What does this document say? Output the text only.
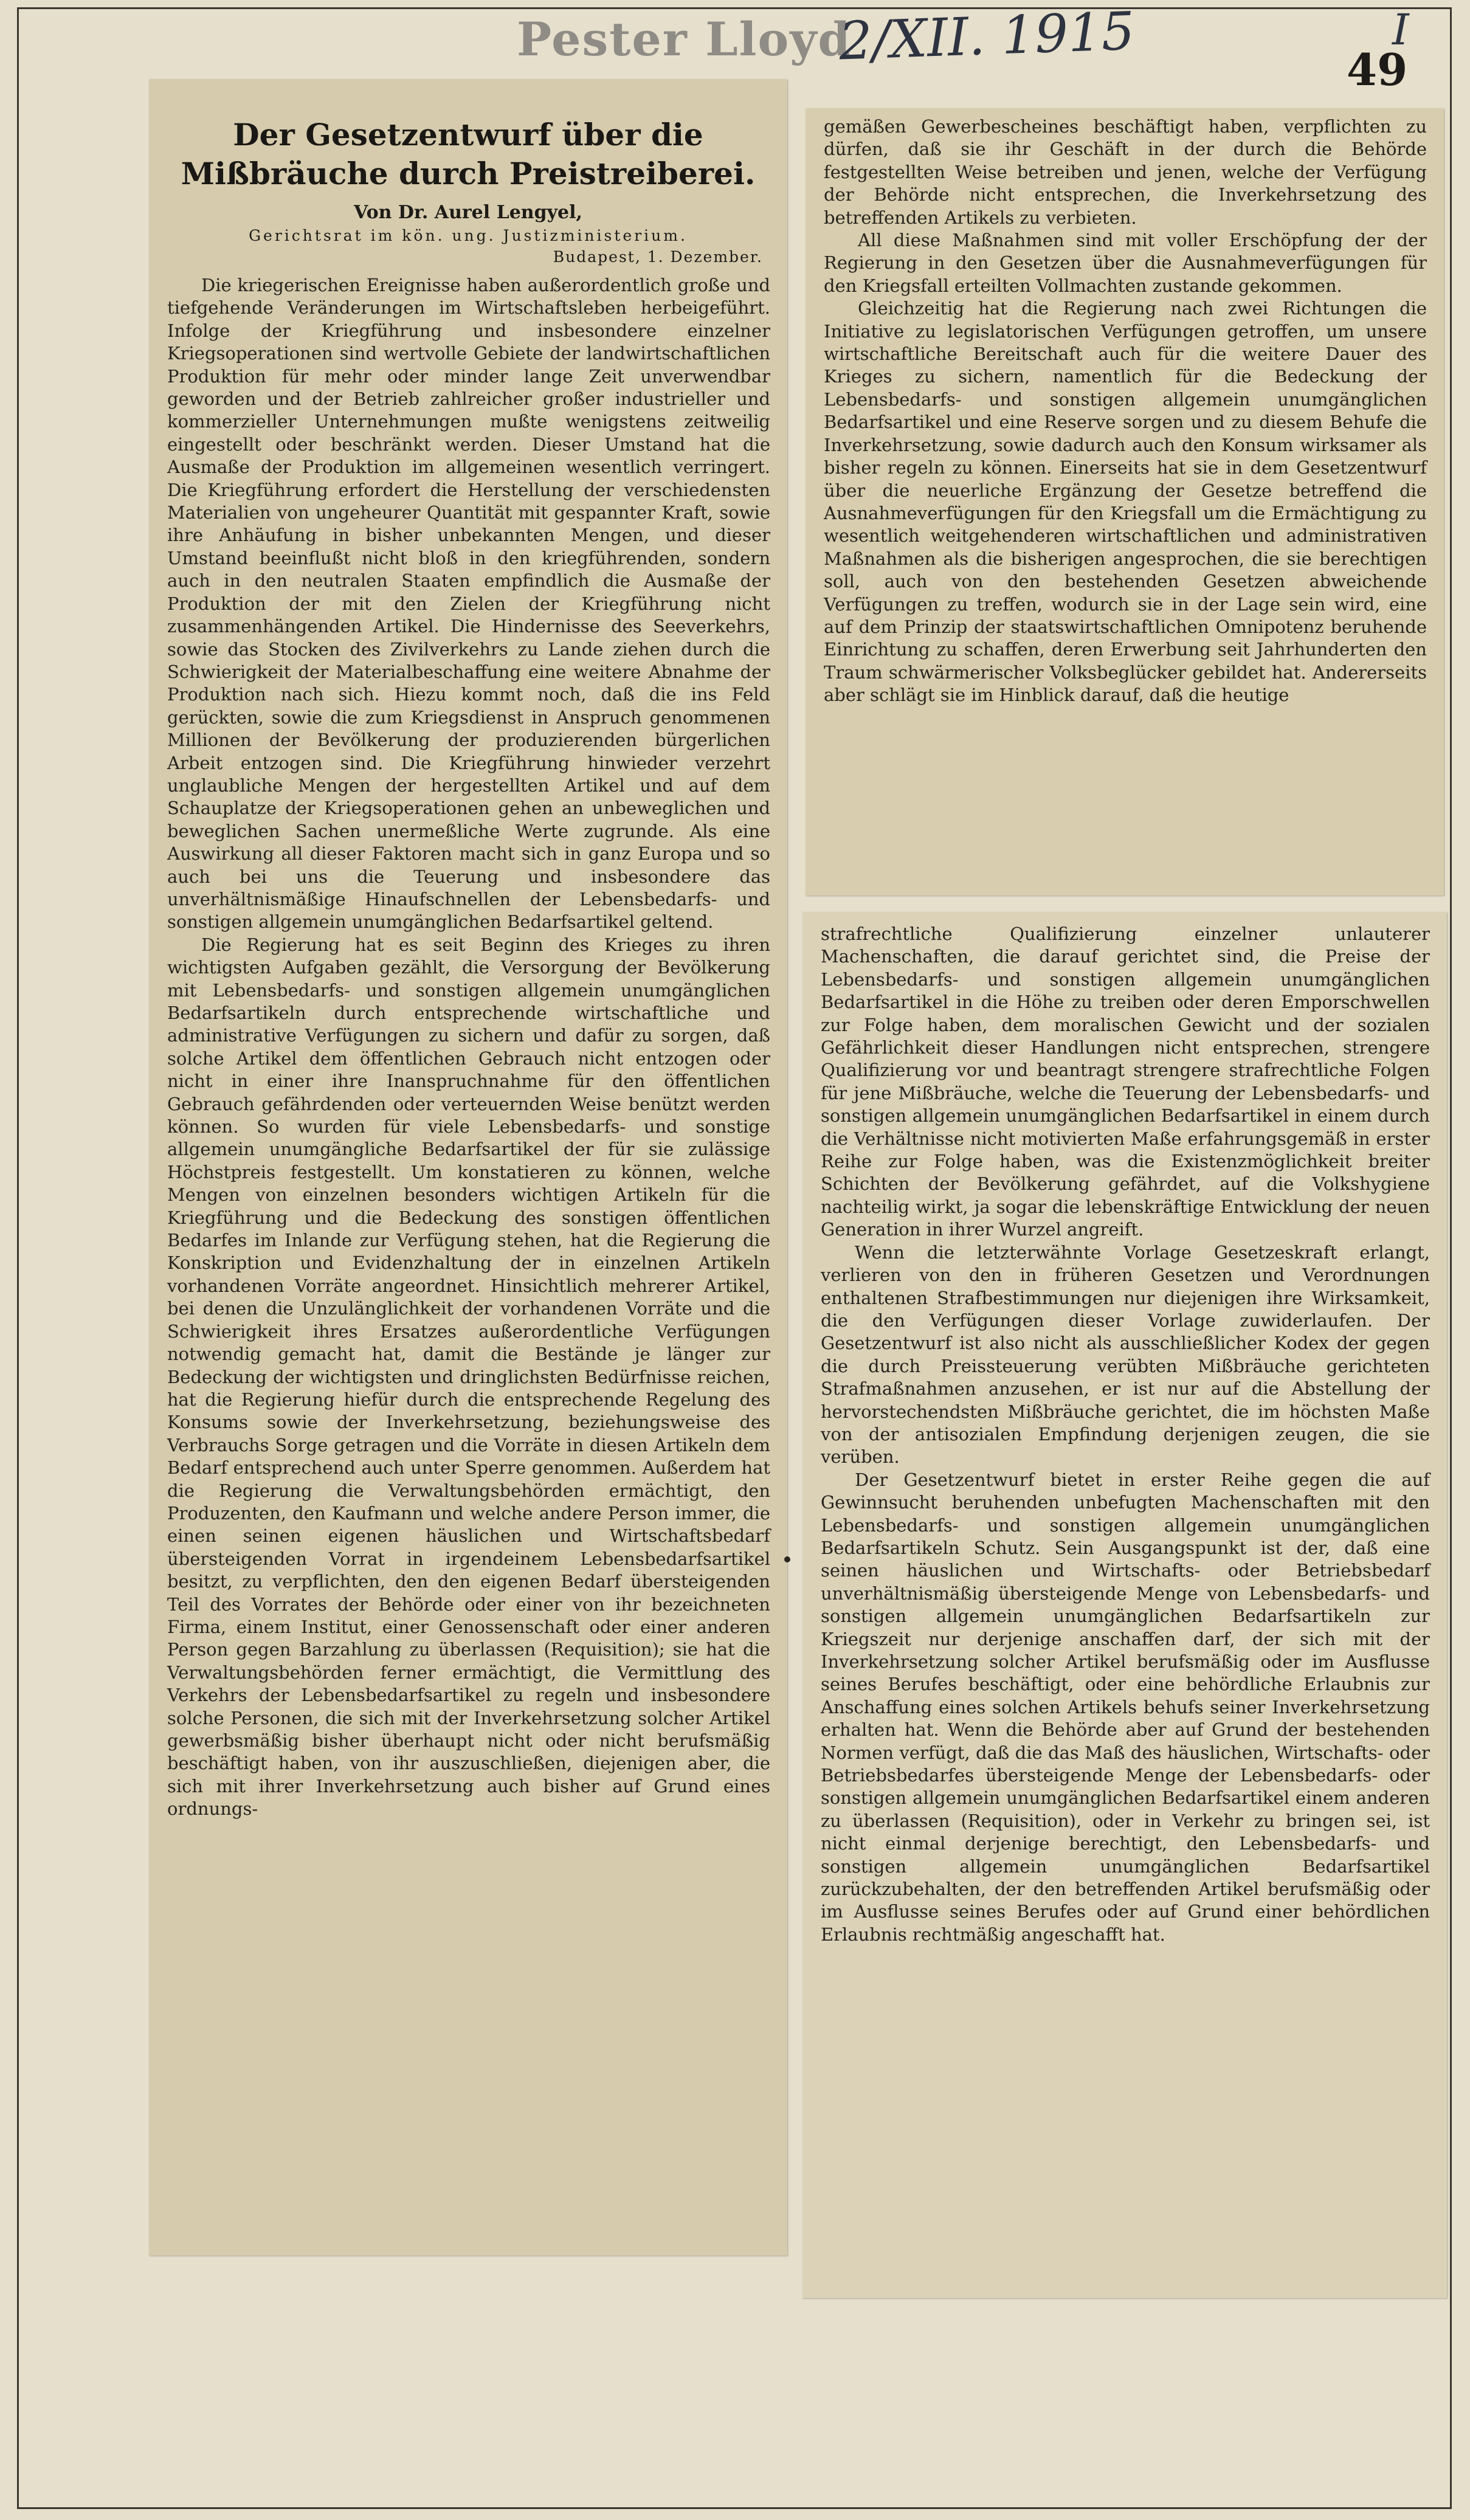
Pester Lloyd
2/XII. 1915	I
49
Der Gesetzentwurf über die Mißbräuche durch Preistreiberei.
Von Dr. Aurel Lengyel,
Gerichtsrat im kön. ung. Justizministerium.
Budapest, 1. Dezember.

Die kriegerischen Ereignisse haben außerordentlich große und tiefgehende Veränderungen im Wirtschaftsleben herbeigeführt. Infolge der Kriegführung und insbesondere einzelner Kriegsoperationen sind wertvolle Gebiete der landwirtschaftlichen Produktion für mehr oder minder lange Zeit unverwendbar geworden und der Betrieb zahlreicher großer industrieller und kommerzieller Unternehmungen mußte wenigstens zeitweilig eingestellt oder beschränkt werden. Dieser Umstand hat die Ausmaße der Produktion im allgemeinen wesentlich verringert. Die Kriegführung erfordert die Herstellung der verschiedensten Materialien von ungeheurer Quantität mit gespannter Kraft, sowie ihre Anhäufung in bisher unbekannten Mengen, und dieser Umstand beeinflußt nicht bloß in den kriegführenden, sondern auch in den neutralen Staaten empfindlich die Ausmaße der Produktion der mit den Zielen der Kriegführung nicht zusammenhängenden Artikel. Die Hindernisse des Seeverkehrs, sowie das Stocken des Zivilverkehrs zu Lande ziehen durch die Schwierigkeit der Materialbeschaffung eine weitere Abnahme der Produktion nach sich. Hiezu kommt noch, daß die ins Feld gerückten, sowie die zum Kriegsdienst in Anspruch genommenen Millionen der Bevölkerung der produzierenden bürgerlichen Arbeit entzogen sind. Die Kriegführung hinwieder verzehrt unglaubliche Mengen der hergestellten Artikel und auf dem Schauplatze der Kriegsoperationen gehen an unbeweglichen und beweglichen Sachen unermeßliche Werte zugrunde. Als eine Auswirkung all dieser Faktoren macht sich in ganz Europa und so auch bei uns die Teuerung und insbesondere das unverhältnismäßige Hinaufschnellen der Lebensbedarfs- und sonstigen allgemein unumgänglichen Bedarfsartikel geltend.

Die Regierung hat es seit Beginn des Krieges zu ihren wichtigsten Aufgaben gezählt, die Versorgung der Bevölkerung mit Lebensbedarfs- und sonstigen allgemein unumgänglichen Bedarfsartikeln durch entsprechende wirtschaftliche und administrative Verfügungen zu sichern und dafür zu sorgen, daß solche Artikel dem öffentlichen Gebrauch nicht entzogen oder nicht in einer ihre Inanspruchnahme für den öffentlichen Gebrauch gefährdenden oder verteuernden Weise benützt werden können. So wurden für viele Lebensbedarfs- und sonstige allgemein unumgängliche Bedarfsartikel der für sie zulässige Höchstpreis festgestellt. Um konstatieren zu können, welche Mengen von einzelnen besonders wichtigen Artikeln für die Kriegführung und die Bedeckung des sonstigen öffentlichen Bedarfes im Inlande zur Verfügung stehen, hat die Regierung die Konskription und Evidenzhaltung der in einzelnen Artikeln vorhandenen Vorräte angeordnet. Hinsichtlich mehrerer Artikel, bei denen die Unzulänglichkeit der vorhandenen Vorräte und die Schwierigkeit ihres Ersatzes außerordentliche Verfügungen notwendig gemacht hat, damit die Bestände je länger zur Bedeckung der wichtigsten und dringlichsten Bedürfnisse reichen, hat die Regierung hiefür durch die entsprechende Regelung des Konsums sowie der Inverkehrsetzung, beziehungsweise des Verbrauchs Sorge getragen und die Vorräte in diesen Artikeln dem Bedarf entsprechend auch unter Sperre genommen. Außerdem hat die Regierung die Verwaltungsbehörden ermächtigt, den Produzenten, den Kaufmann und welche andere Person immer, die einen seinen eigenen häuslichen und Wirtschaftsbedarf übersteigenden Vorrat in irgendeinem Lebensbedarfsartikel besitzt, zu verpflichten, den den eigenen Bedarf übersteigenden Teil des Vorrates der Behörde oder einer von ihr bezeichneten Firma, einem Institut, einer Genossenschaft oder einer anderen Person gegen Barzahlung zu überlassen (Requisition); sie hat die Verwaltungsbehörden ferner ermächtigt, die Vermittlung des Verkehrs der Lebensbedarfsartikel zu regeln und insbesondere solche Personen, die sich mit der Inverkehrsetzung solcher Artikel gewerbsmäßig bisher überhaupt nicht oder nicht berufsmäßig beschäftigt haben, von ihr auszuschließen, diejenigen aber, die sich mit ihrer Inverkehrsetzung auch bisher auf Grund eines ordnungs-

gemäßen Gewerbescheines beschäftigt haben, verpflichten zu dürfen, daß sie ihr Geschäft in der durch die Behörde festgestellten Weise betreiben und jenen, welche der Verfügung der Behörde nicht entsprechen, die Inverkehrsetzung des betreffenden Artikels zu verbieten.

All diese Maßnahmen sind mit voller Erschöpfung der der Regierung in den Gesetzen über die Ausnahmeverfügungen für den Kriegsfall erteilten Vollmachten zustande gekommen.

Gleichzeitig hat die Regierung nach zwei Richtungen die Initiative zu legislatorischen Verfügungen getroffen, um unsere wirtschaftliche Bereitschaft auch für die weitere Dauer des Krieges zu sichern, namentlich für die Bedeckung der Lebensbedarfs- und sonstigen allgemein unumgänglichen Bedarfsartikel und eine Reserve sorgen und zu diesem Behufe die Inverkehrsetzung, sowie dadurch auch den Konsum wirksamer als bisher regeln zu können. Einerseits hat sie in dem Gesetzentwurf über die neuerliche Ergänzung der Gesetze betreffend die Ausnahmeverfügungen für den Kriegsfall um die Ermächtigung zu wesentlich weitgehenderen wirtschaftlichen und administrativen Maßnahmen als die bisherigen angesprochen, die sie berechtigen soll, auch von den bestehenden Gesetzen abweichende Verfügungen zu treffen, wodurch sie in der Lage sein wird, eine auf dem Prinzip der staatswirtschaftlichen Omnipotenz beruhende Einrichtung zu schaffen, deren Erwerbung seit Jahrhunderten den Traum schwärmerischer Volksbeglücker gebildet hat. Andererseits aber schlägt sie im Hinblick darauf, daß die heutige

strafrechtliche Qualifizierung einzelner unlauterer Machenschaften, die darauf gerichtet sind, die Preise der Lebensbedarfs- und sonstigen allgemein unumgänglichen Bedarfsartikel in die Höhe zu treiben oder deren Emporschwellen zur Folge haben, dem moralischen Gewicht und der sozialen Gefährlichkeit dieser Handlungen nicht entsprechen, strengere Qualifizierung vor und beantragt strengere strafrechtliche Folgen für jene Mißbräuche, welche die Teuerung der Lebensbedarfs- und sonstigen allgemein unumgänglichen Bedarfsartikel in einem durch die Verhältnisse nicht motivierten Maße erfahrungsgemäß in erster Reihe zur Folge haben, was die Existenzmöglichkeit breiter Schichten der Bevölkerung gefährdet, auf die Volkshygiene nachteilig wirkt, ja sogar die lebenskräftige Entwicklung der neuen Generation in ihrer Wurzel angreift.

Wenn die letzterwähnte Vorlage Gesetzeskraft erlangt, verlieren von den in früheren Gesetzen und Verordnungen enthaltenen Strafbestimmungen nur diejenigen ihre Wirksamkeit, die den Verfügungen dieser Vorlage zuwiderlaufen. Der Gesetzentwurf ist also nicht als ausschließlicher Kodex der gegen die durch Preissteuerung verübten Mißbräuche gerichteten Strafmaßnahmen anzusehen, er ist nur auf die Abstellung der hervorstechendsten Mißbräuche gerichtet, die im höchsten Maße von der antisozialen Empfindung derjenigen zeugen, die sie verüben.

Der Gesetzentwurf bietet in erster Reihe gegen die auf Gewinnsucht beruhenden unbefugten Machenschaften mit den Lebensbedarfs- und sonstigen allgemein unumgänglichen Bedarfsartikeln Schutz. Sein Ausgangspunkt ist der, daß eine seinen häuslichen und Wirtschafts- oder Betriebsbedarf unverhältnismäßig übersteigende Menge von Lebensbedarfs- und sonstigen allgemein unumgänglichen Bedarfsartikeln zur Kriegszeit nur derjenige anschaffen darf, der sich mit der Inverkehrsetzung solcher Artikel berufsmäßig oder im Ausflusse seines Berufes beschäftigt, oder eine behördliche Erlaubnis zur Anschaffung eines solchen Artikels behufs seiner Inverkehrsetzung erhalten hat. Wenn die Behörde aber auf Grund der bestehenden Normen verfügt, daß die das Maß des häuslichen, Wirtschafts- oder Betriebsbedarfes übersteigende Menge der Lebensbedarfs- oder sonstigen allgemein unumgänglichen Bedarfsartikel einem anderen zu überlassen (Requisition), oder in Verkehr zu bringen sei, ist nicht einmal derjenige berechtigt, den Lebensbedarfs- und sonstigen allgemein unumgänglichen Bedarfsartikel zurückzubehalten, der den betreffenden Artikel berufsmäßig oder im Ausflusse seines Berufes oder auf Grund einer behördlichen Erlaubnis rechtmäßig angeschafft hat.
